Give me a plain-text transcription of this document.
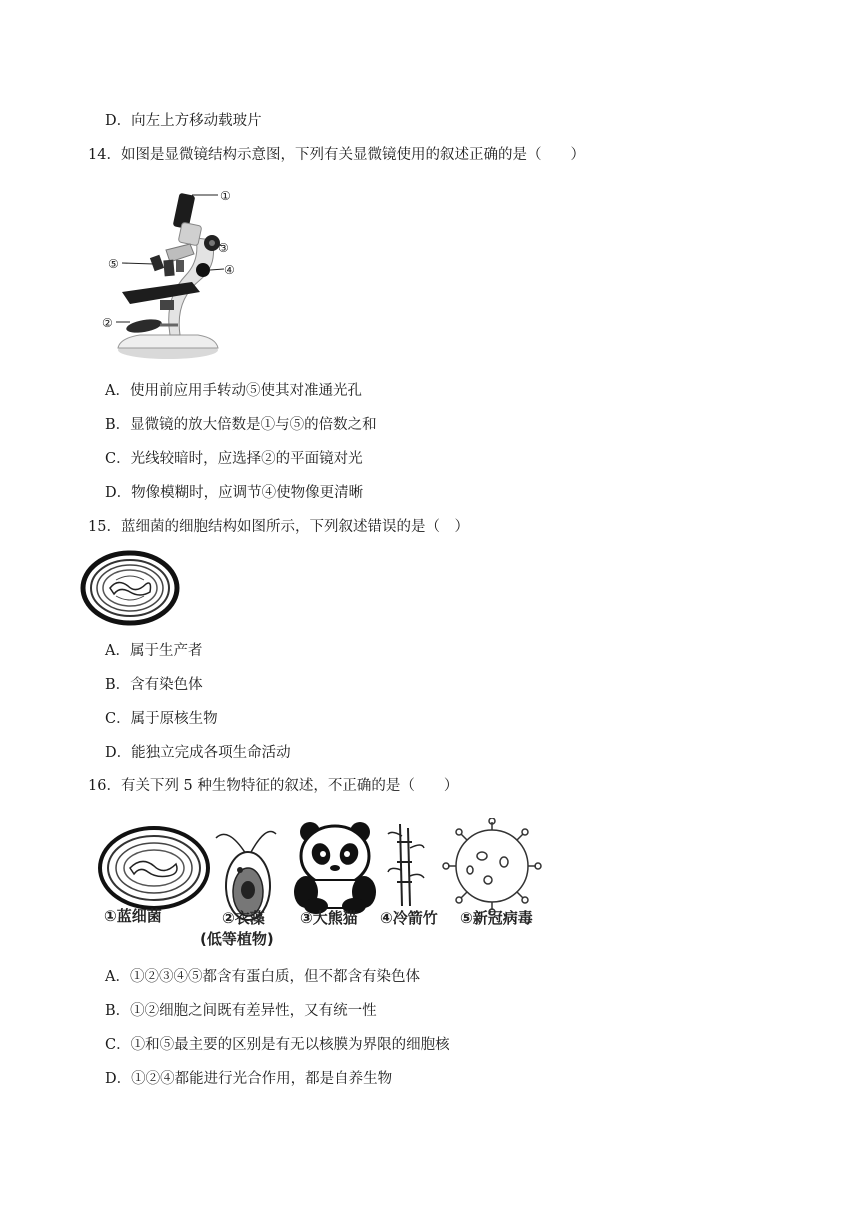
D．向左上方移动载玻片
14．如图是显微镜结构示意图，下列有关显微镜使用的叙述正确的是（　　）
①
②
③
④
⑤
A．使用前应用手转动⑤使其对准通光孔
B．显微镜的放大倍数是①与⑤的倍数之和
C．光线较暗时，应选择②的平面镜对光
D．物像模糊时，应调节④使物像更清晰
15．蓝细菌的细胞结构如图所示，下列叙述错误的是（　）
A．属于生产者
B．含有染色体
C．属于原核生物
D．能独立完成各项生命活动
16．有关下列 5 种生物特征的叙述，不正确的是（　　）
①蓝细菌	②衣藻
(低等植物)
③大熊猫 ④冷箭竹 ⑤新冠病毒
A．①②③④⑤都含有蛋白质，但不都含有染色体
B．①②细胞之间既有差异性，又有统一性
C．①和⑤最主要的区别是有无以核膜为界限的细胞核
D．①②④都能进行光合作用，都是自养生物
